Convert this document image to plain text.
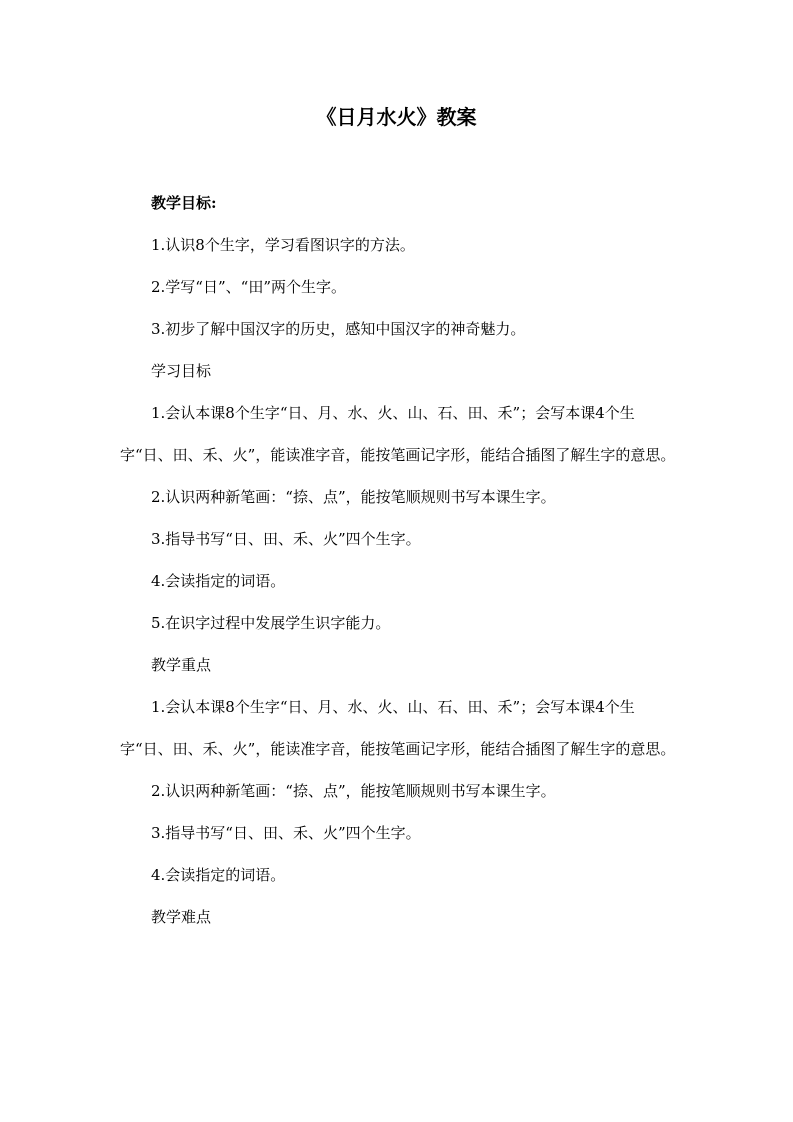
《日月水火》教案

教学目标:

1.认识8个生字，学习看图识字的方法。

2.学写“日”、“田”两个生字。

3.初步了解中国汉字的历史，感知中国汉字的神奇魅力。

学习目标

1.会认本课8个生字“日、月、水、火、山、石、田、禾”；会写本课4个生字“日、田、禾、火”，能读准字音，能按笔画记字形，能结合插图了解生字的意思。

2.认识两种新笔画：“捺、点”，能按笔顺规则书写本课生字。

3.指导书写“日、田、禾、火”四个生字。

4.会读指定的词语。

5.在识字过程中发展学生识字能力。

教学重点

1.会认本课8个生字“日、月、水、火、山、石、田、禾”；会写本课4个生字“日、田、禾、火”，能读准字音，能按笔画记字形，能结合插图了解生字的意思。

2.认识两种新笔画：“捺、点”，能按笔顺规则书写本课生字。

3.指导书写“日、田、禾、火”四个生字。

4.会读指定的词语。

教学难点
